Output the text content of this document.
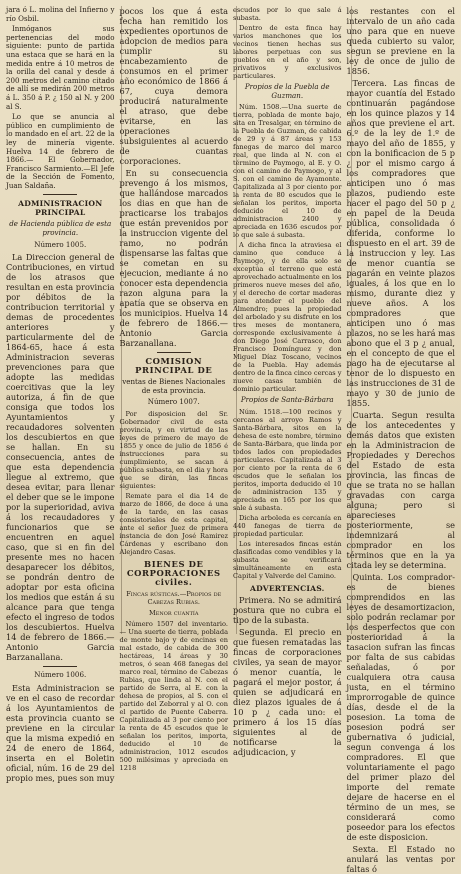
jara ó L. molina del Infierno y río Osbil.

Inmóganos sus pertenencias del modo siguiente: punto de partida una estaca que se hará en la medida entre á 10 metros de la orilla del canal y desde á 200 metros del camino citado de allí se medirán 200 metros á L. 350 á P. ¿ 150 al N. y 200 al S.

Lo que se anuncia al público en cumplimiento de lo mandado en el art. 22 de la ley de minería vigente. Huelva 14 de febrero de 1866.— El Gobernador, Francisco Sarmiento.—El Jefe de la Sección de Fomento, Juan Saldaña.

ADMINISTRACION PRINCIPAL
de Hacienda pública de esta provincia.
Número 1005.

La Direccion general de Contribuciones, en virtud de los atrasos que resultan en esta provincia por débitos de la contribucion territorial y demas de procedentes anteriores y particularmente del de 1864-65, hace á esta Administracion severas prevenciones para que adopte las medidas coercitivas que la ley autoriza, á fin de que consiga que todos los Ayuntamientos y recaudadores solventen los descubiertos en que se hallan. En su consecuencia, antes de que esta dependencia llegue al extremo, que desea evitar, para llenar el deber que se le impone por la superioridad, aviva á los recaudadores y funcionarios que se encuentren en aquel caso, que si en fin del presente mes no hacen desaparecer los débitos, se pondrán dentro de adoptar por esta oficina los medios que están á su alcance para que tenga efecto el ingreso de todos los descubiertos. Huelva 14 de febrero de 1866.— Antonio Garcia Barzanallana.

Número 1006.

Esta Administracion se ve en el caso de recordar á los Ayuntamientos de esta provincia cuanto se previene en la circular que la misma expedió en 24 de enero de 1864, inserta en el Boletin oficial, núm. 16 de 29 del propio mes, pues son muy

pocos los que á esta fecha han remitido los expedientes oportunos de adopcion de medios para cumplir su encabezamiento de consumos en el primer año económico de 1866 á 67, cuya demora producirá naturalmente el atraso, que debe evitarse, en las operaciones subsiguientes al acuerdo de cuantas corporaciones.

En su consecuencia prevengo á los mismos, que hallándose marcados los dias en que han de practicarse los trabajos que están prevenidos por la instruccion vigente del ramo, no podrán dispensarse las faltas que se cometan en su ejecucion, mediante á no conocer esta dependencia razon alguna para la apatía que se observa en los municipios. Huelva 14 de febrero de 1866.—Antonio Garcia Barzanallana.

COMISION PRINCIPAL DE
ventas de Bienes Nacionales de esta provincia.
Número 1007.

Por disposicion del Sr. Gobernador civil de esta provincia, y en virtud de las leyes de primero de mayo de 1855 y once de julio de 1856 é instrucciones para su cumplimiento, se sacan á pública subasta, en el dia y hora que se dirán, las fincas siguientes:

Remate para el dia 14 de marzo de 1866, de doce á una de la tarde, en las casas consistoriales de esta capital, ante el señor Juez de primera instancia de don José Ramirez Cárdenas y escribano don Alejandro Casas.

BIENES DE CORPORACIONES civiles.
Fincas rústicas.—Propios de Cabezas Rubias.
Menor cuantía

Número 1507 del inventario.— Una suerte de tierra, poblada de monte bajo y de encinas en mal estado, de cabida de 300 hectáreas, 14 áreas y 30 metros, ó sean 468 fanegas del marco real, término de Cabezas Rubias, que linda al N. con el partido de Serra, al E. con la dehesa de propios, al S. con el partido del Zeborral y al O. con el partido de Puente Caberra. Capitalizada al 3 por ciento por la renta de 45 escudos que le señalan los peritos, importa, deducido el 10 de administracion, 1012 escudos 500 milésimas y apreciada en 1218

escudos por lo que sale á subasta.

Dentro de esta finca hay varios manchones que los vecinos tienen hechas sus labores perpetuas con sus pueblos en el año y son, privativos y exclusivos particulares.

Propios de la Puebla de Guzman.

Núm. 1508.—Una suerte de tierra, poblada de monte bajo, sita en Tresalgar, en término de la Puebla de Guzman, de cabida de 29 y á 87 áreas y 153 fanegas de marco del marco real, que linda al N. con el término de Paymogo, al E. y O. con el camino de Paymogo, y al S. con el camino de Ayamonte. Capitalizada al 3 por ciento por la renta de 80 escudos que le señalan los peritos, importa deducido el 10 de administracion 2400 y apreciada en 1636 escudos por lo que sale á subasta.

A dicha finca la atraviesa el camino que conduce á Paymogo, y de ella solo se exceptúa el terreno que está aprovechado actualmente en los primeros nueve meses del año, y el derecho de cortar maderas para atender el pueblo del Almendro; pues la propiedad del arbolado y su disfrute en los tres meses de montanera, corresponde exclusivamente á don Diego José Carrasco, don Francisco Domínguez y don Miguel Díaz Toscano, vecinos de la Puebla. Hay además dentro de la finca cinco cercas y nueve casas también de dominio particular.

Propios de Santa-Bárbara

Núm. 1518.—100 recinos y cercanos al arroyo Ramos y Santa-Bárbara, sitos en la dehesa de este nombre, término de Santa-Bárbara, que linda por todos lados con propiedades particulares. Capitalizada al 3 por ciento por la renta de 6 escudos que le señalan los peritos, importa deducido el 10 de administracion 135 y apreciada en 165 por los que sale á subasta.

Dicha arboleda es cercanía en 440 fanegas de tierra de propiedad particular.

Los interesados fincas están clasificadas como vendibles y la subasta se verificará simultáneamente en esta Capital y Valverde del Camino.

ADVERTENCIAS.

Primera. No se admitirá postura que no cubra el tipo de la subasta.

Segunda. El precio en que fuesen rematadas las fincas de corporaciones civiles, ya sean de mayor ó menor cuantía, le pagará el mejor postor, á quien se adjudicará en diez plazos iguales de á 10 p ¿ cada uno: el primero á los 15 días siguientes al de notificarse la adjudicacion, y

los restantes con el intervalo de un año cada uno para que en nueve queda cubierto su valor, segun se previene en la ley de once de julio de 1856.

Tercera. Las fincas de mayor cuantía del Estado continuarán pagándose en los quince plazos y 14 años que previene el art. 6.º de la ley de 1.º de mayo del año de 1855, y con la bonificacion de 5 p ¿ por el mismo cargo á los compradores que anticipen uno ó mas plazos, pudiendo este hacer el pago del 50 p ¿ en papel de la Deuda pública, consolidada ó diferida, conforme lo dispuesto en el art. 39 de la instruccion y ley. Las de menor cuantía se pagarán en veinte plazos iguales, á los que en lo mismo, durante diez y nueve años. A los compradores que anticipen uno ó mas plazos, no se les hará mas abono que el 3 p ¿ anual, en el concepto de que el pago ha de ejecutarse al tenor de lo dispuesto en las instrucciones de 31 de mayo y 30 de junio de 1855.

Cuarta. Segun resulta de los antecedentes y demás datos que existen en la Administracion de Propiedades y Derechos del Estado de esta provincia, las fincas de que se trata no se hallan gravadas con carga alguna; pero si aparecieses posteriormente, se indemnizará al comprador en los términos que en la ya citada ley se determina.

Quinta. Los compradores de bienes comprendidos en las leyes de desamortizacion, solo podrán reclamar por los desperfectos que con posterioridad á la tasacion sufran las fincas por falta de sus cabidas señaladas, ó por cualquiera otra causa justa, en el término improrrogable de quince días, desde el de la posesion. La toma de posesion podrá ser gubernativa ó judicial, segun convenga á los compradores. El que voluntariamente el pago del primer plazo del importe del remate dejare de hacerse en el término de un mes, se considerará como poseedor para los efectos de este disposicion.

Sexta. El Estado no anulará las ventas por faltas ó
